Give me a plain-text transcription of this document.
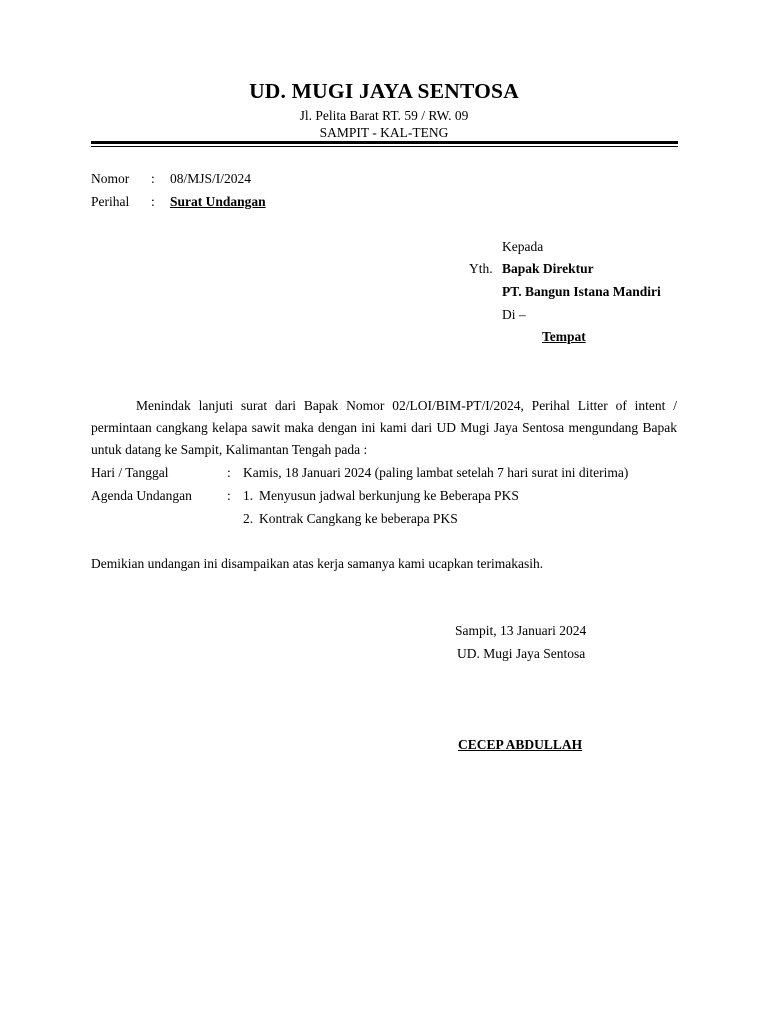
UD. MUGI JAYA SENTOSA
Jl. Pelita Barat RT. 59 / RW. 09
SAMPIT - KAL-TENG
Nomor : 08/MJS/I/2024
Perihal : Surat Undangan
Kepada
Yth. Bapak Direktur
PT. Bangun Istana Mandiri
Di –
Tempat
Menindak lanjuti surat dari Bapak Nomor 02/LOI/BIM-PT/I/2024, Perihal Litter of intent / permintaan cangkang kelapa sawit maka dengan ini kami dari UD Mugi Jaya Sentosa mengundang Bapak untuk datang ke Sampit, Kalimantan Tengah pada :
Hari / Tanggal	: Kamis, 18 Januari 2024 (paling lambat setelah 7 hari surat ini diterima)
Agenda Undangan	: 1. Menyusun jadwal berkunjung ke Beberapa PKS
2. Kontrak Cangkang ke beberapa PKS
Demikian undangan ini disampaikan atas kerja samanya kami ucapkan terimakasih.
Sampit, 13 Januari 2024
UD. Mugi Jaya Sentosa
CECEP ABDULLAH
